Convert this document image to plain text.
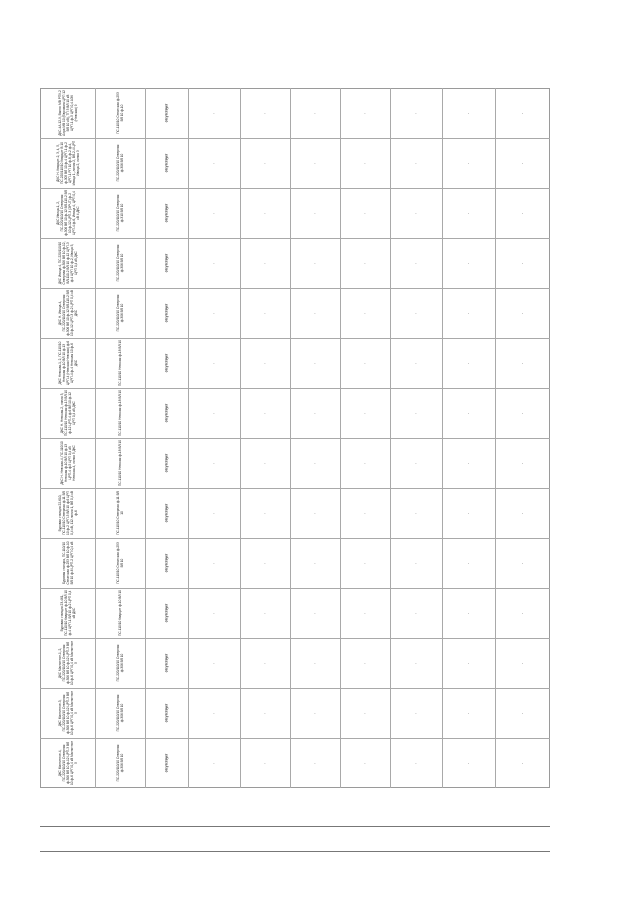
ДКС-4А-12-9, Вынос МВ РП9-2 Аэра МВ 10 (Евромага ЦРП 12 ВЛ 10 кВ), ТП 3 ВЛ 10 кВ ЦРП-1 ф-5 ЦРП 0,4 АЭК (Невская) 9	ПС-110/10 Сенатская ф-253 ВЛ 10 ф-10	отсутствует	.	.	.	.	.	.	.
ДКС Н. Кварцит-2, 3, 4, 5, ПС-220/110/10 Кварцит В 10 ф-305 ВЛ 10 ф-4 ЦРП-1 ф-2 ЦРП-1 РП 10 ф-8, ф-2 ф-4, Ивица 1, линия 2, ВЛ-2-4 ЦРП Ивица 2, линия 3	ПС-220/110/10 Северная ф-306 ВЛ 10	отсутствует	.	.	.	.	.	.	.
ДКС Ивица-1, 2, ПС-220/110/10 Северная ф-306 ВЛ 10 ф-12 ВЛ-110-2 ВЛ 10 ф-12 ЦРП-3 (ЭРЧТ) ф-2 ЦРП-4 ф-6, Ивица 4, ЦРП 0,4 кВ 4 ДКС	ПС-220/110/10 Северная ф-310 ВЛ 10	отсутствует	.	.	.	.	.	.	.
ДКС Ивица 4, ПС-220/110/10 Северная ф-306 ВЛ 10 ф-12, ВЛ-110-2 ВЛ 10 ф-12 ЦРП-3 ф-4 ЦРП 10 ф-2, Ивица 5, ЦРП 0,4 кВ ДКС	ПС-220/110/10 Северная ф-306 ВЛ 10	отсутствует	.	.	.	.	.	.	.
ДКС Н. Ивица-4, ПС-220/110/10 Северная ф-306 ВЛ 10 ф-12 ВЛ-110-2 ВЛ 10 ф-12 ЦРП-3 ф-2 ЦРП 0,4 кВ ДКС	ПС-220/110/10 Северная ф-306 ВЛ 10	отсутствует	.	.	.	.	.	.	.
ДКС Невская-1, 2, ПС-110/10 Невская ф-10 ВЛ 10 ф-13 ЦРП-4 (Невская Невская) ф-6 ЦРП-4 ф-4 Невская 10 ф-6 ДКС	ПС-110/10 Невская ф-18 ВЛ 10	отсутствует	.	.	.	.	.	.	.
ДКС Н. Невская-2, линия 3, ПС-110/10 Невская ф-13 ВЛ 10 ф-12 ЦРП-4 ф-6 ВЛ 10 ф-12 ЦРП 0,4 кВ ДКС	ПС-110/10 Невская ф-18 ВЛ 10	отсутствует	.	.	.	.	.	.	.
ДКС Н. Невская-4, ПС-110/10 Невская ф-10 ВЛ 10 ф-13 ЦРП-4 ф-5 ЦРП 0,4 кВ Невская-4, линия 5 ДКС	ПС-110/10 Невская ф-18 ВЛ 10	отсутствует	.	.	.	.	.	.	.
Буровая станция 22-610, ПС-110/10 Северная ф-11 ВЛ 10 ф-2 ЦРП-3 ВЛ 10 ф-6 ЦРП 0,4 кВ, 112 линия 1, ВЛ 0,4 кВ ф-6	ПС-110/10 Северная ф-11 ВЛ 10	отсутствует	.	.	.	.	.	.	.
Буровая станция, ПС-110/10 Сенатская ф-253 ВЛ 10 ф-10 ВЛ 10 ф-6 ЦРП-2 ЦРП 0,4 кВ	ПС-110/10 Сенатская ф-253 ВЛ 10	отсутствует	.	.	.	.	.	.	.
Буровая станция 23-461, ПС-110/10 Кварцит ф-10 ВЛ 10 ф-4 ЦРП-1 ВЛ 10 ф-2 ЦРП 0,4 кВ ДКС	ПС-110/10 Кварцит ф-10 ВЛ 10	отсутствует	.	.	.	.	.	.	.
ДКС Магнитное-1, 2, ПС-220/110/10 Северная ф-306 ВЛ 10 ф-12 ЦРП-3 ВЛ 10 ф-6 ЦРП 0,4 кВ Магнитное 5	ПС-220/110/10 Северная ф-306 ВЛ 10	отсутствует	.	.	.	.	.	.	.
ДКС Магнитное-3, ПС-220/110/10 Северная ф-306 ВЛ 10 ф-12 ЦРП-3 ВЛ 10 ф-6 ЦРП 0,4 кВ Магнитное 5	ПС-220/110/10 Северная ф-306 ВЛ 10	отсутствует	.	.	.	.	.	.	.
ДКС Магнитное-4, ПС-220/110/10 Северная ф-306 ВЛ 10 ф-12 ЦРП-3 ВЛ 10 ф-6 ЦРП 0,4 кВ Магнитное 5	ПС-220/110/10 Северная ф-306 ВЛ 10	отсутствует	.	.	.	.	.	.	.
